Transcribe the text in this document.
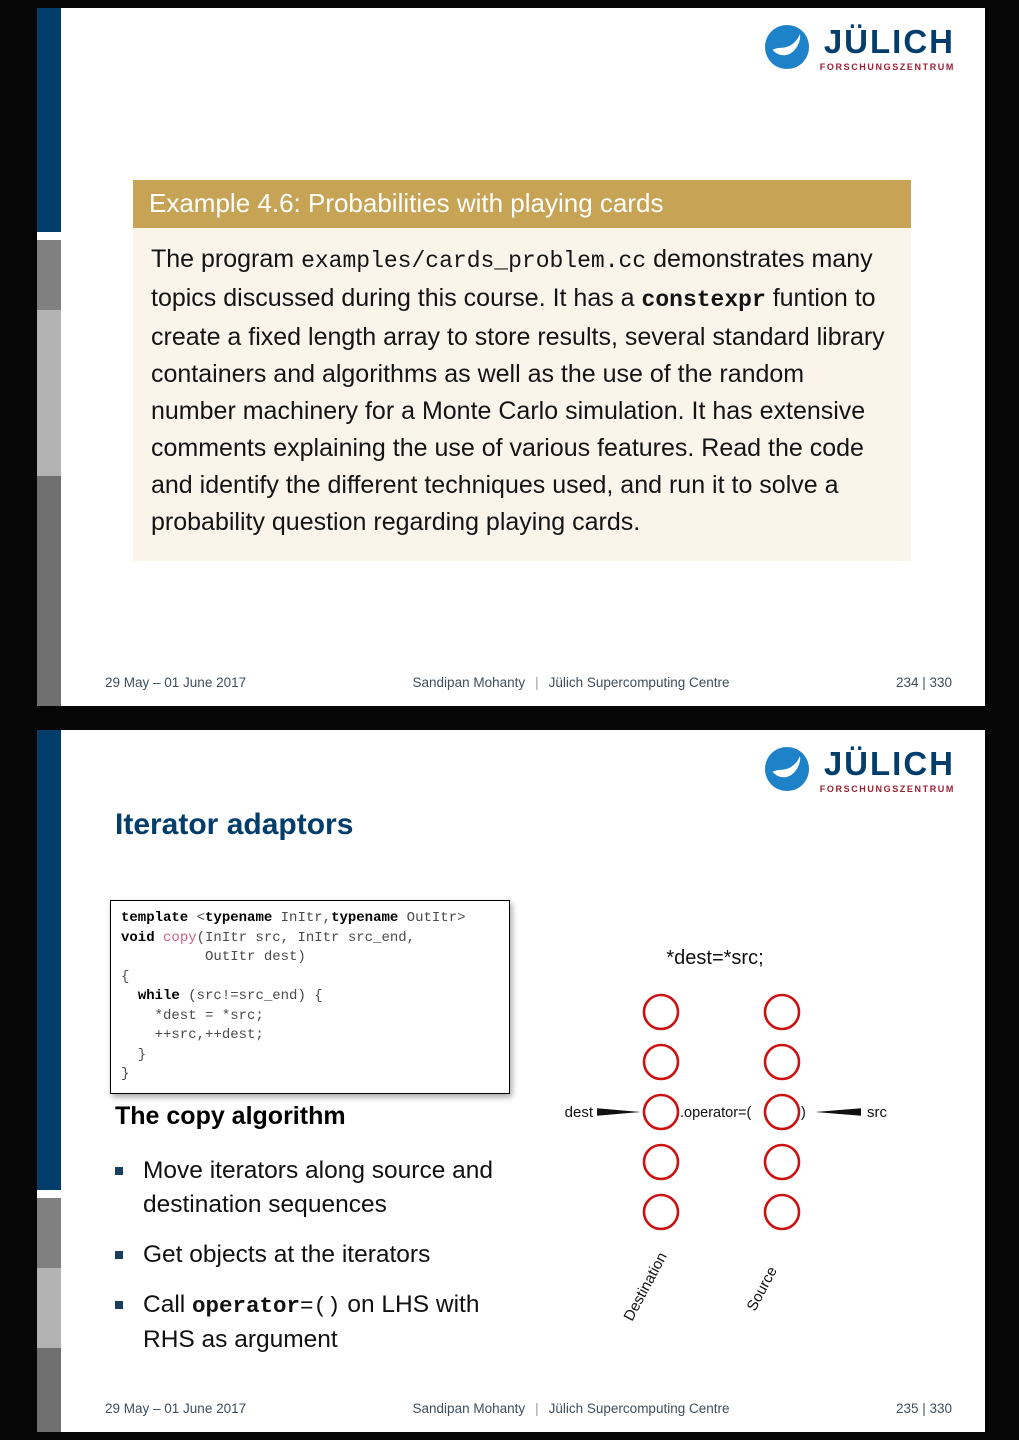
JÜLICH
FORSCHUNGSZENTRUM
Example 4.6: Probabilities with playing cards
The program examples/cards_problem.cc demonstrates many topics discussed during this course. It has a constexpr funtion to create a fixed length array to store results, several standard library containers and algorithms as well as the use of the random number machinery for a Monte Carlo simulation. It has extensive comments explaining the use of various features. Read the code and identify the different techniques used, and run it to solve a probability question regarding playing cards.
29 May – 01 June 2017	Sandipan Mohanty | Jülich Supercomputing Centre	234 | 330
JÜLICH
FORSCHUNGSZENTRUM
Iterator adaptors
template <typename InItr,typename OutItr>
void copy(InItr src, InItr src_end,
OutItr dest)
{
while (src!=src_end) {
*dest = *src;
++src,++dest;
}
}
The copy algorithm
Move iterators along source and destination sequences
Get objects at the iterators
Call operator=() on LHS with RHS as argument
*dest=*src;
dest	.operator=(	)	src
Destination	Source
29 May – 01 June 2017	Sandipan Mohanty | Jülich Supercomputing Centre	235 | 330
